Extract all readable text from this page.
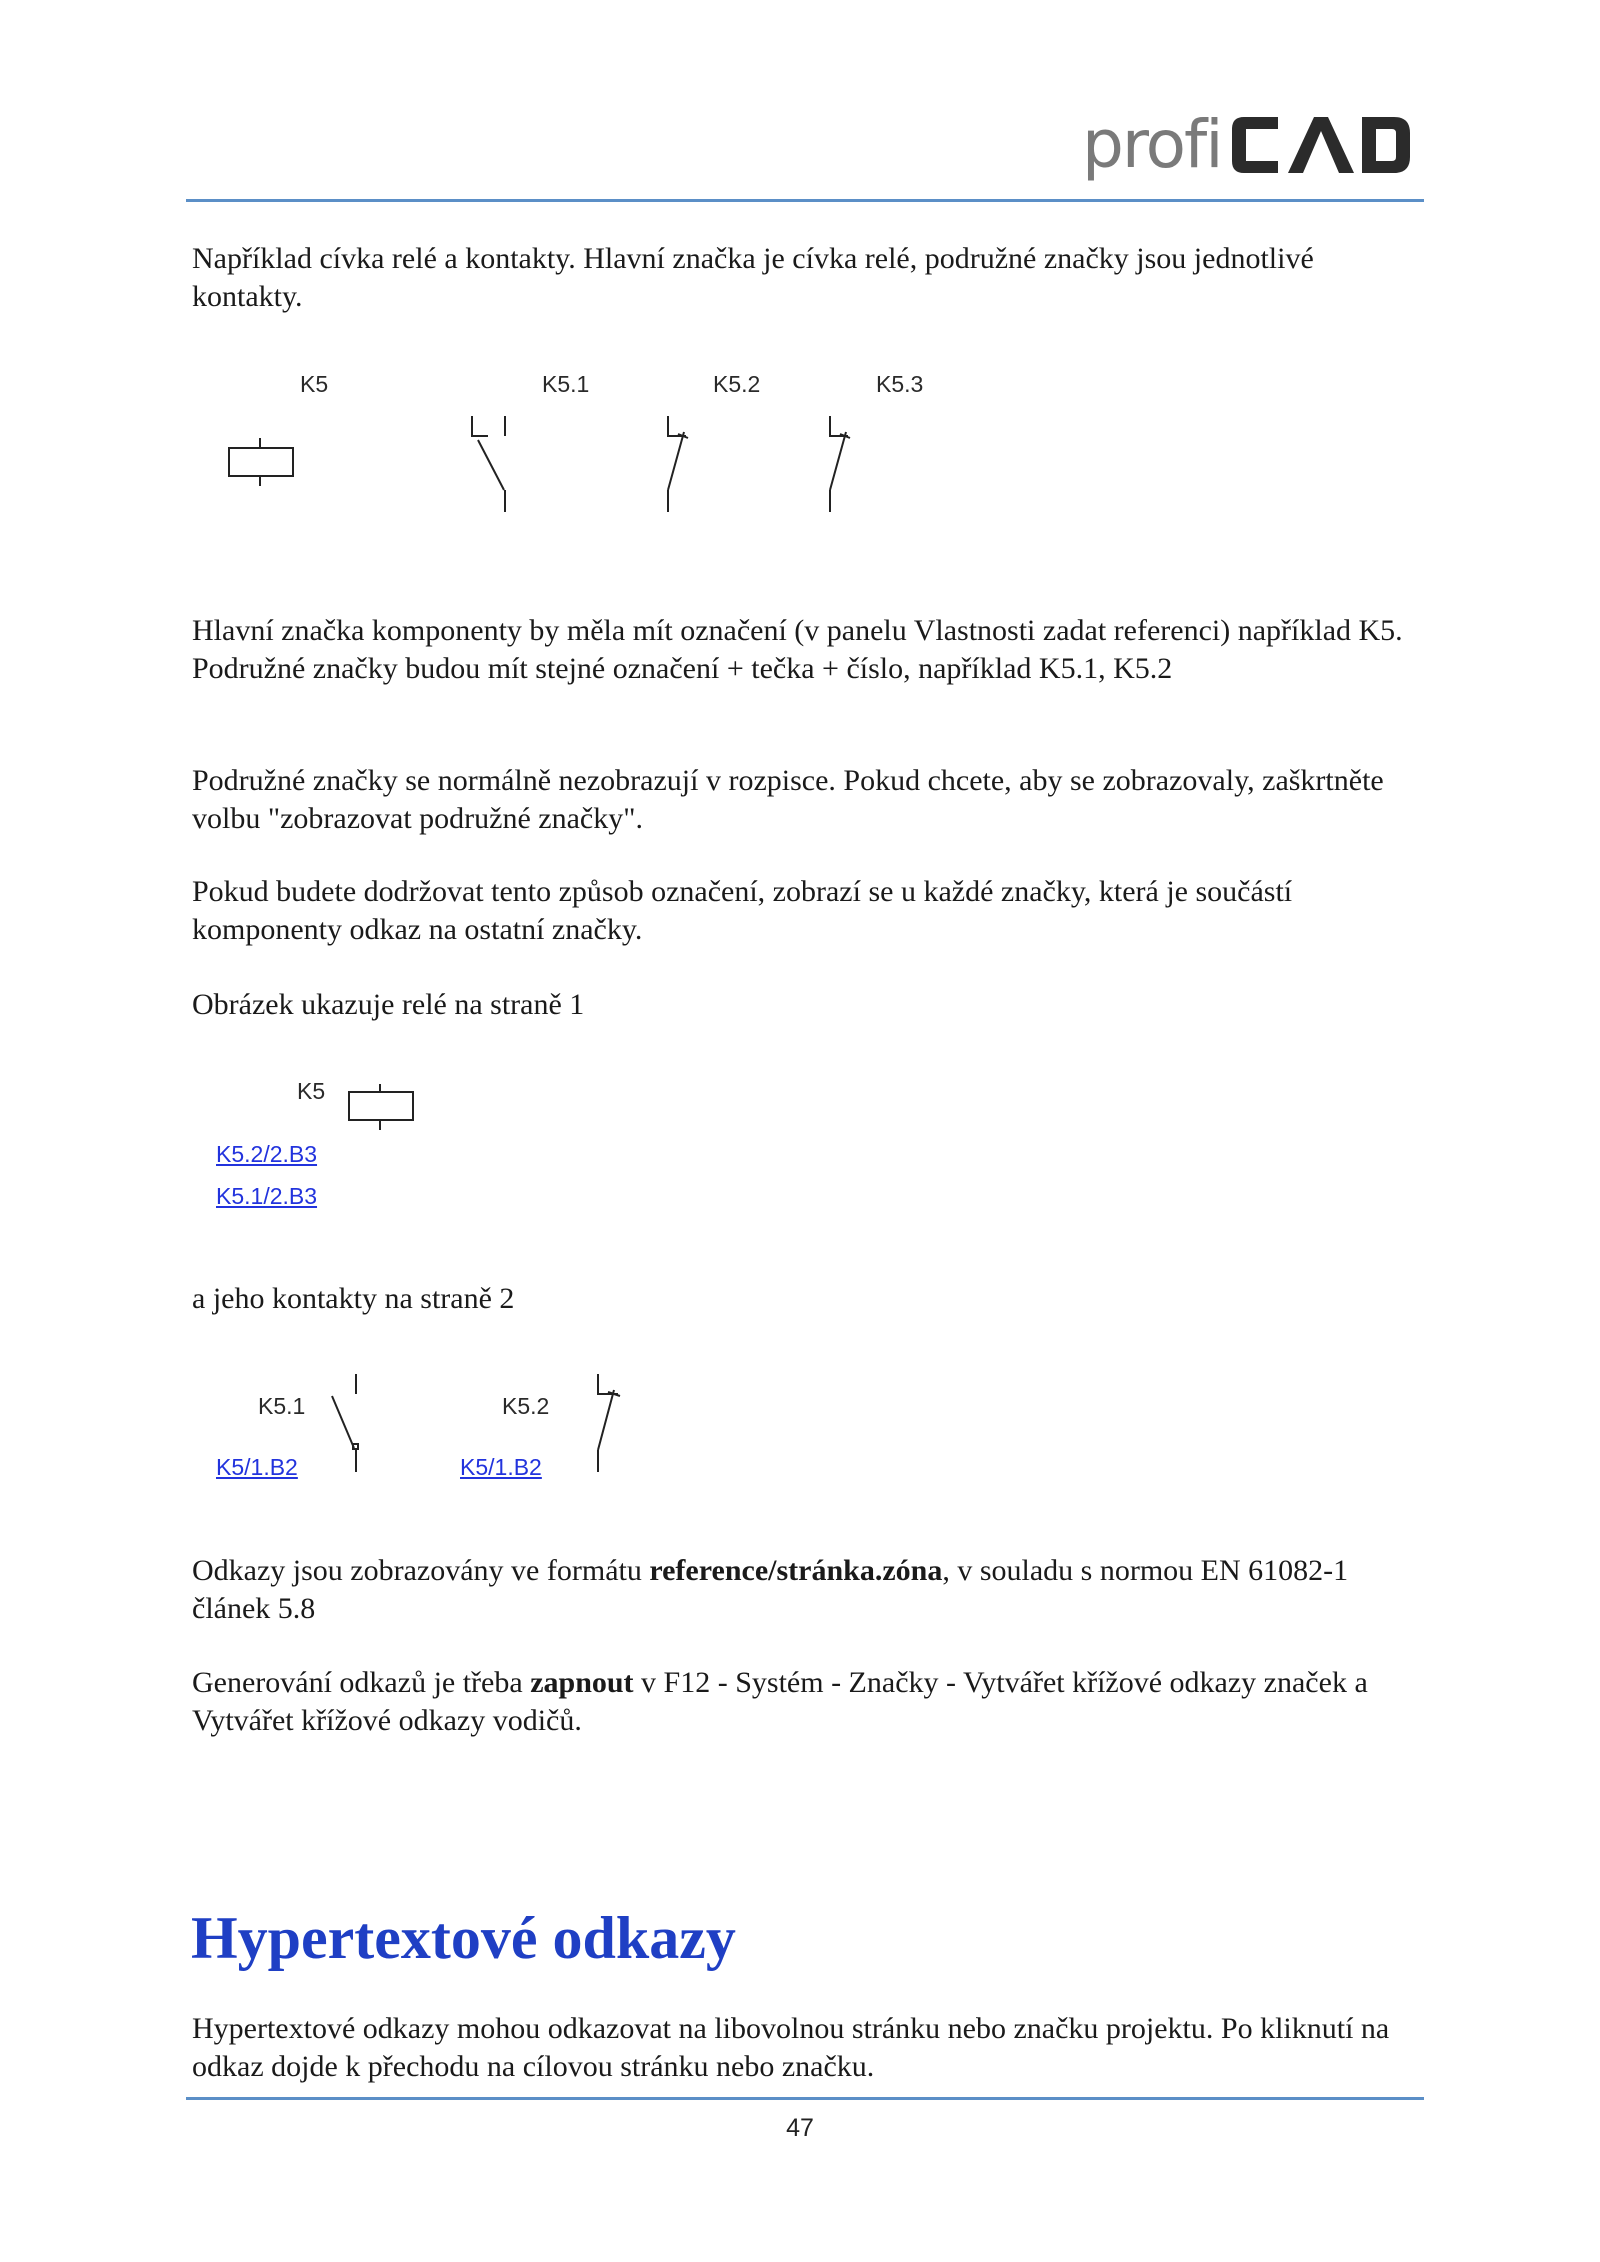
profi

Například cívka relé a kontakty. Hlavní značka je cívka relé, podružné značky jsou jednotlivé kontakty.

K5	K5.1	K5.2	K5.3

Hlavní značka komponenty by měla mít označení (v panelu Vlastnosti zadat referenci) například K5. Podružné značky budou mít stejné označení + tečka + číslo, například K5.1, K5.2

Podružné značky se normálně nezobrazují v rozpisce. Pokud chcete, aby se zobrazovaly, zaškrtněte volbu "zobrazovat podružné značky".

Pokud budete dodržovat tento způsob označení, zobrazí se u každé značky, která je součástí komponenty odkaz na ostatní značky.

Obrázek ukazuje relé na straně 1

K5
K5.2/2.B3
K5.1/2.B3

a jeho kontakty na straně 2

K5.1
K5/1.B2
K5.2
K5/1.B2

Odkazy jsou zobrazovány ve formátu reference/stránka.zóna, v souladu s normou EN 61082-1 článek 5.8

Generování odkazů je třeba zapnout v F12 - Systém - Značky - Vytvářet křížové odkazy značek a Vytvářet křížové odkazy vodičů.

Hypertextové odkazy

Hypertextové odkazy mohou odkazovat na libovolnou stránku nebo značku projektu. Po kliknutí na odkaz dojde k přechodu na cílovou stránku nebo značku.

47
